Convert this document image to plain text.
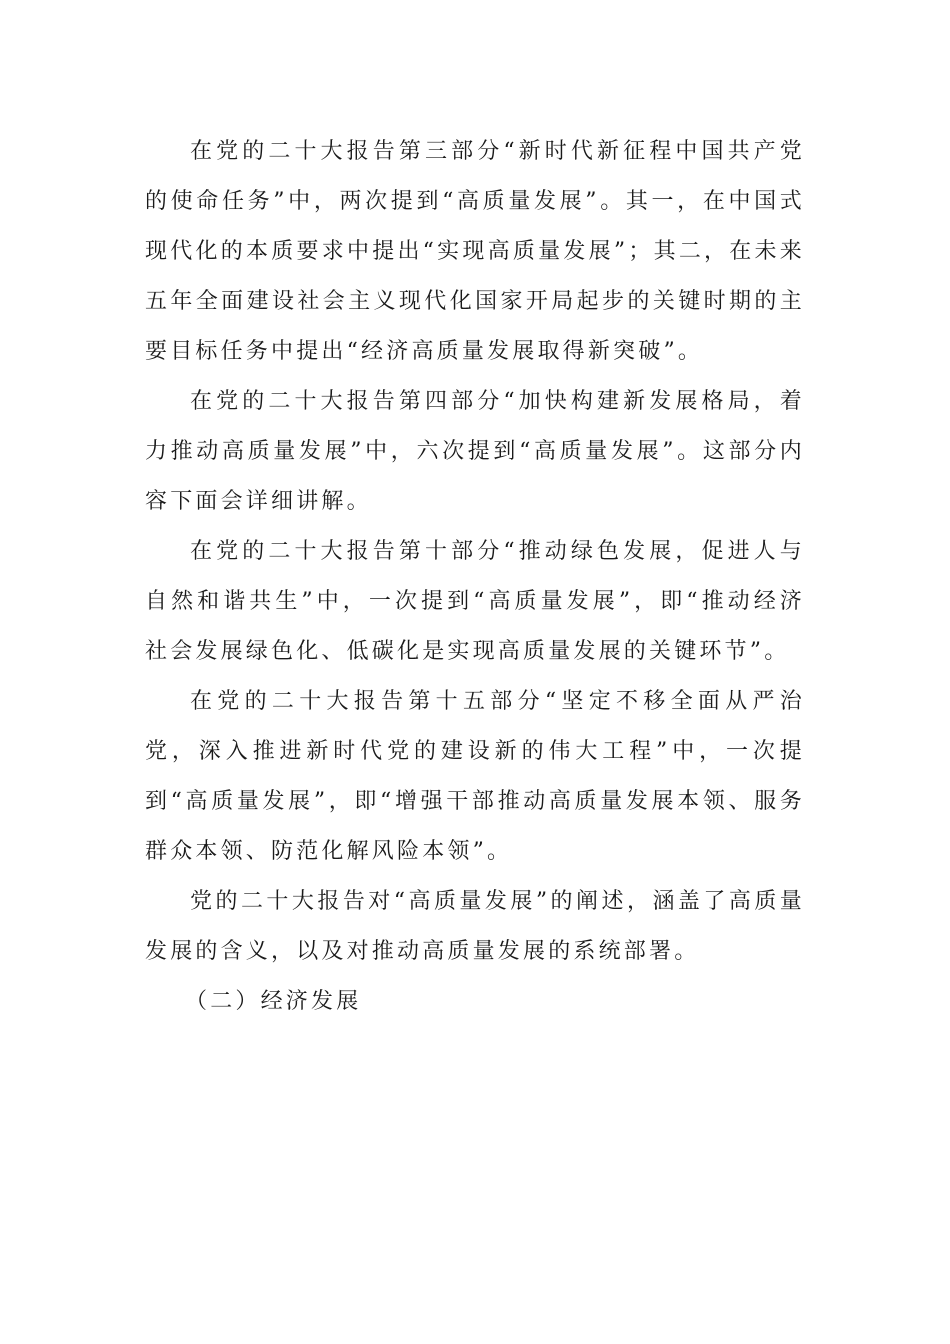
在党的二十大报告第三部分“新时代新征程中国共产党的使命任务”中，两次提到“高质量发展”。其一，在中国式现代化的本质要求中提出“实现高质量发展”；其二，在未来五年全面建设社会主义现代化国家开局起步的关键时期的主要目标任务中提出“经济高质量发展取得新突破”。

在党的二十大报告第四部分“加快构建新发展格局，着力推动高质量发展”中，六次提到“高质量发展”。这部分内容下面会详细讲解。

在党的二十大报告第十部分“推动绿色发展，促进人与自然和谐共生”中，一次提到“高质量发展”，即“推动经济社会发展绿色化、低碳化是实现高质量发展的关键环节”。

在党的二十大报告第十五部分“坚定不移全面从严治党，深入推进新时代党的建设新的伟大工程”中，一次提到“高质量发展”，即“增强干部推动高质量发展本领、服务群众本领、防范化解风险本领”。

党的二十大报告对“高质量发展”的阐述，涵盖了高质量发展的含义，以及对推动高质量发展的系统部署。

（二）经济发展
